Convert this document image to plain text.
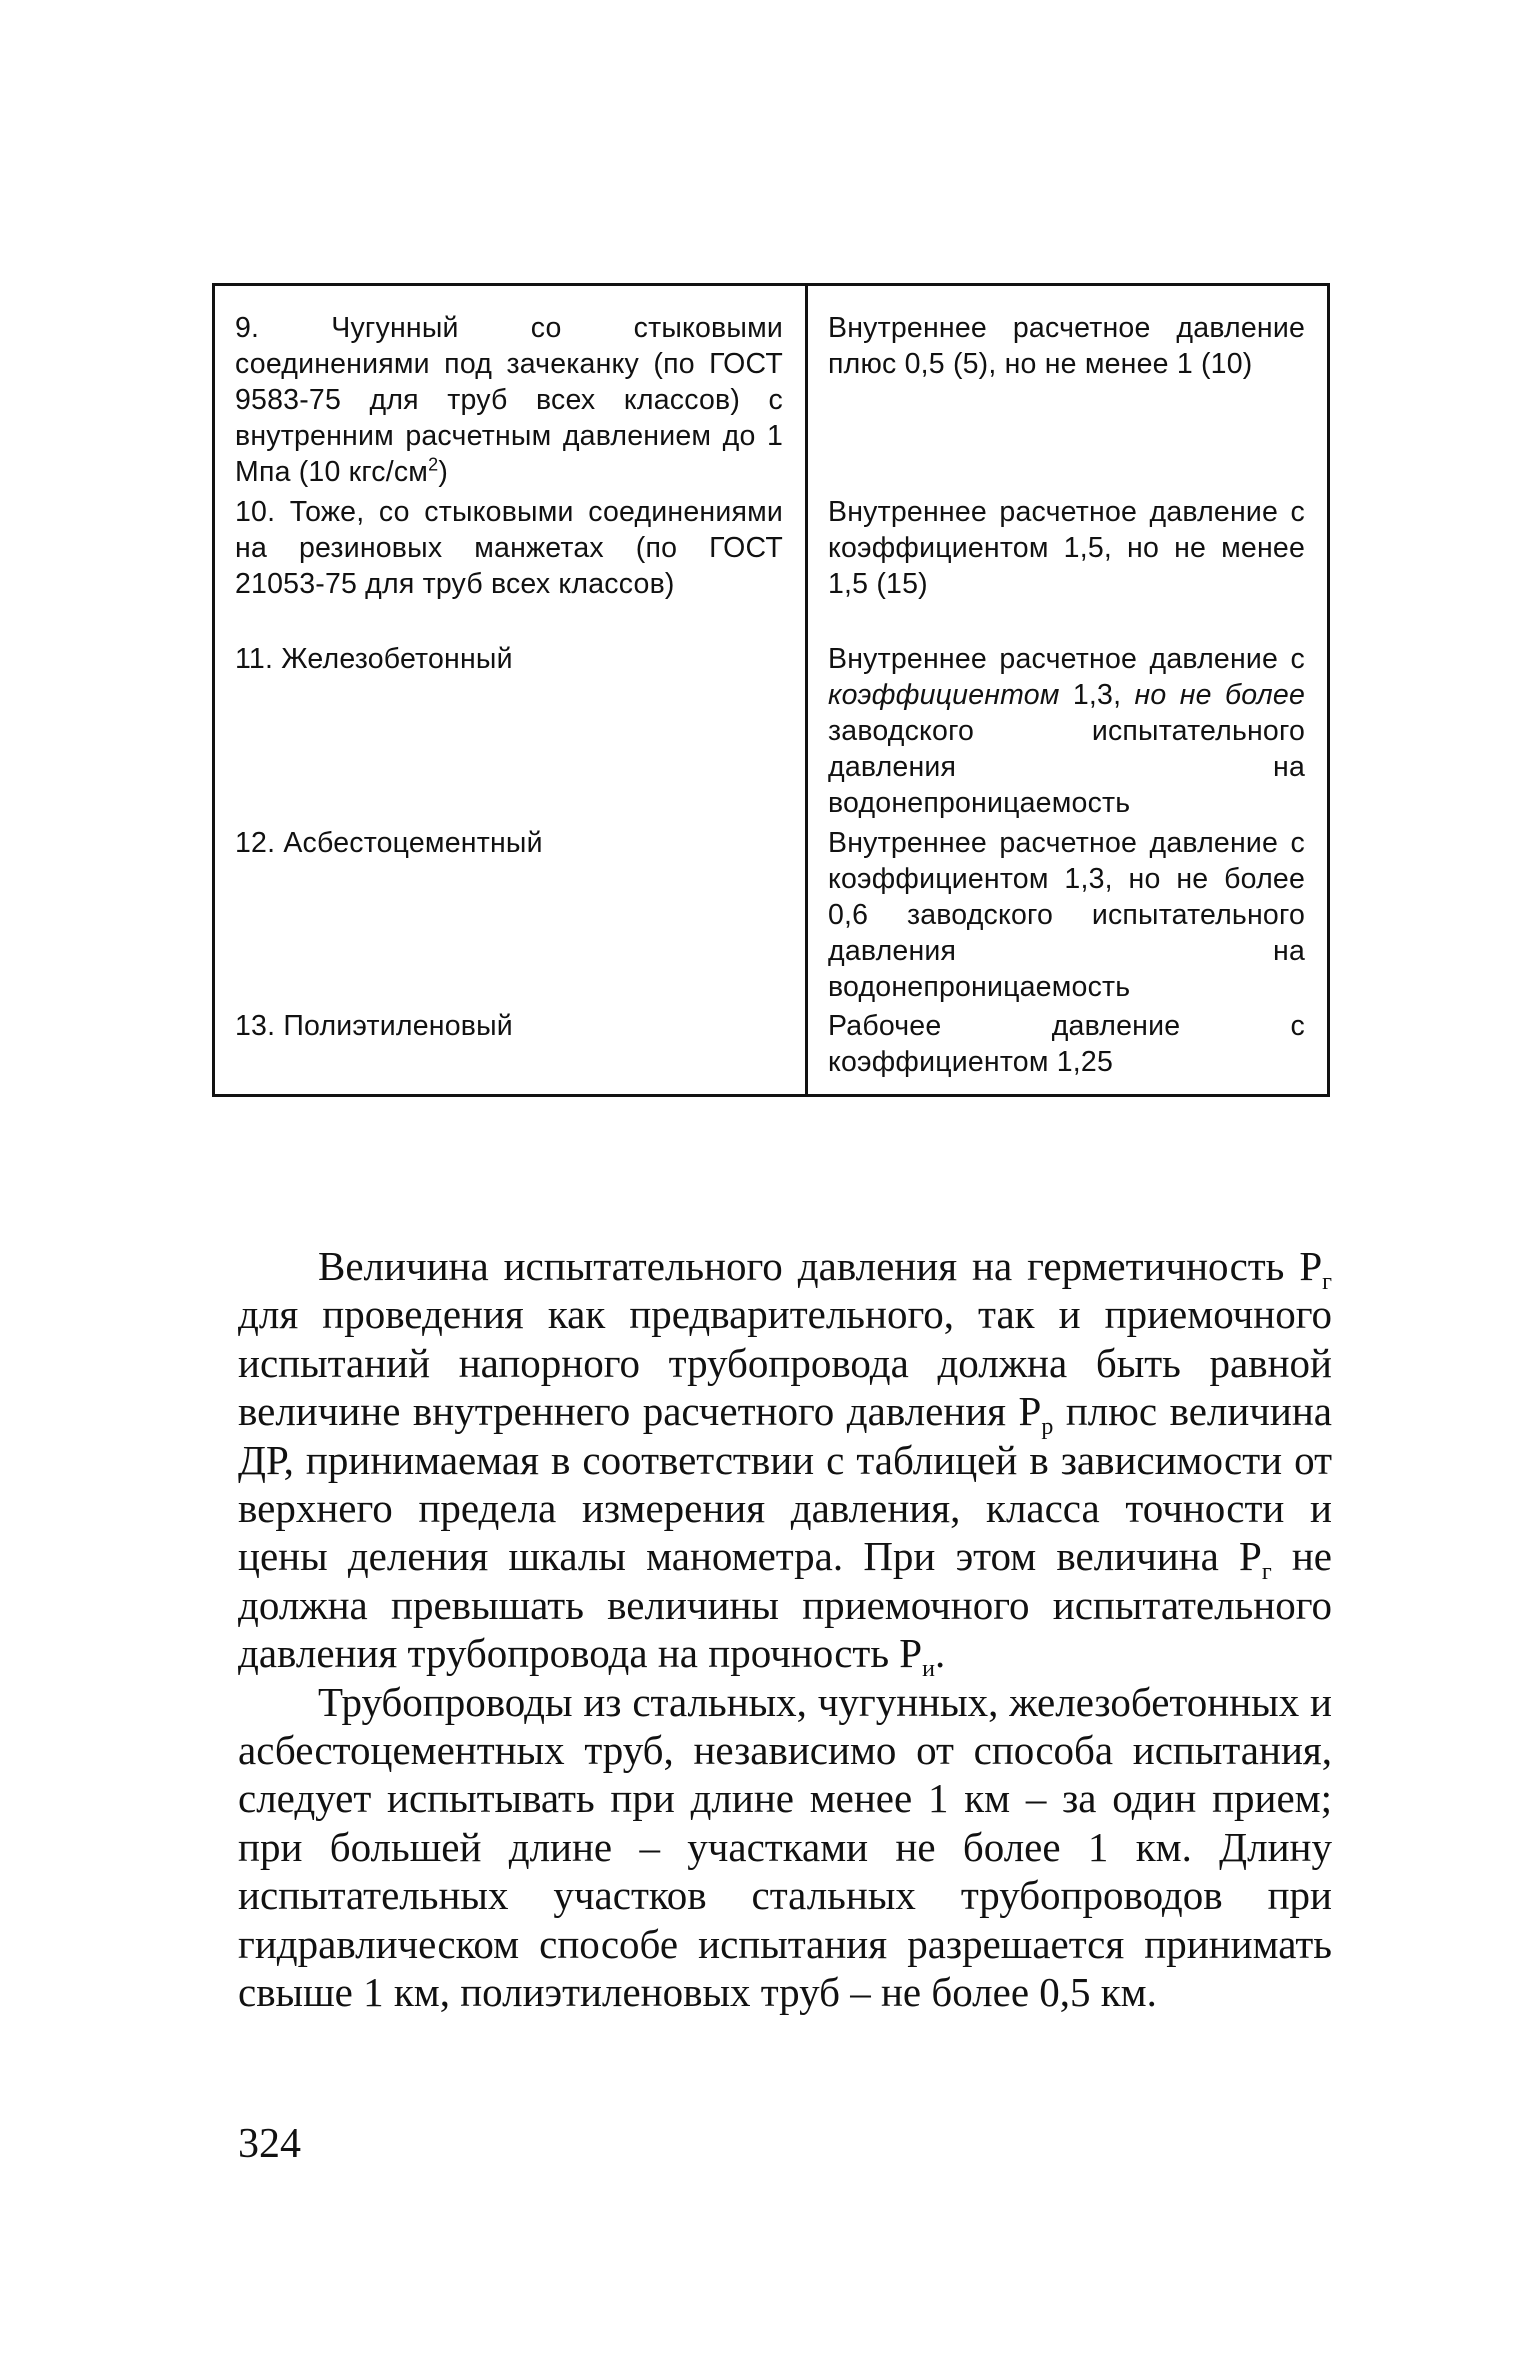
9. Чугунный со стыковыми соединениями под зачеканку (по ГОСТ 9583-75 для труб всех классов) с внутренним расчетным давлением до 1 Мпа (10 кгс/$см^2$)	Внутреннее расчетное давление плюс 0,5 (5), но не менее 1 (10)
10. Тоже, со стыковыми соединениями на резиновых манжетах (по ГОСТ 21053-75 для труб всех классов)	Внутреннее расчетное давление с коэффициентом 1,5, но не менее 1,5 (15)
11. Железобетонный	Внутреннее расчетное давление с коэффициентом 1,3, но не более заводского испытательного давления на водонепроницаемость
12. Асбестоцементный	Внутреннее расчетное давление с коэффициентом 1,3, но не более 0,6 заводского испытательного давления на водонепроницаемость
13. Полиэтиленовый	Рабочее давление с коэффициентом 1,25

Величина испытательного давления на герметичность $Р_г$ для проведения как предварительного, так и приемочного испытаний напорного трубопровода должна быть равной величине внутреннего расчетного давления $Р_р$ плюс величина ДР, принимаемая в соответствии с таблицей в зависимости от верхнего предела измерения давления, класса точности и цены деления шкалы манометра. При этом величина $Р_г$ не должна превышать величины приемочного испытательного давления трубопровода на прочность $Р_и$.

Трубопроводы из стальных, чугунных, железобетонных и асбестоцементных труб, независимо от способа испытания, следует испытывать при длине менее 1 км – за один прием; при большей длине – участками не более 1 км. Длину испытательных участков стальных трубопроводов при гидравлическом способе испытания разрешается принимать свыше 1 км, полиэтиленовых труб – не более 0,5 км.

324
